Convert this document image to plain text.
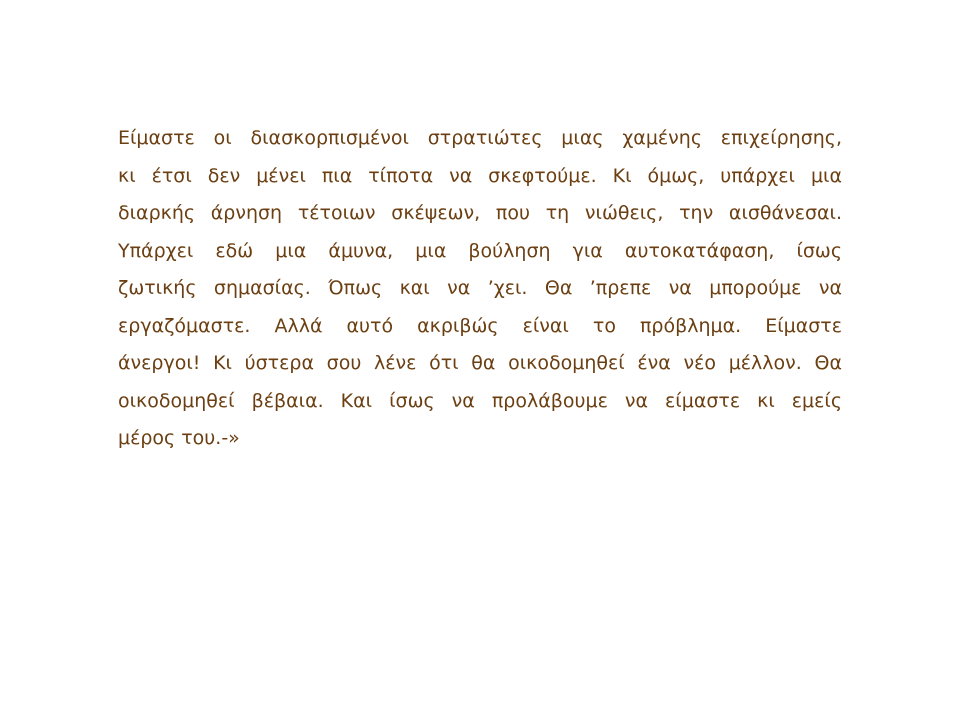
Είμαστε οι διασκορπισμένοι στρατιώτες μιας χαμένης επιχείρησης,
κι έτσι δεν μένει πια τίποτα να σκεφτούμε. Κι όμως, υπάρχει μια
διαρκής άρνηση τέτοιων σκέψεων, που τη νιώθεις, την αισθάνεσαι.
Υπάρχει εδώ μια άμυνα, μια βούληση για αυτοκατάφαση, ίσως
ζωτικής σημασίας. Όπως και να ’χει. Θα ’πρεπε να μπορούμε να
εργαζόμαστε. Αλλά αυτό ακριβώς είναι το πρόβλημα. Είμαστε
άνεργοι! Κι ύστερα σου λένε ότι θα οικοδομηθεί ένα νέο μέλλον. Θα
οικοδομηθεί βέβαια. Και ίσως να προλάβουμε να είμαστε κι εμείς
μέρος του.-»
